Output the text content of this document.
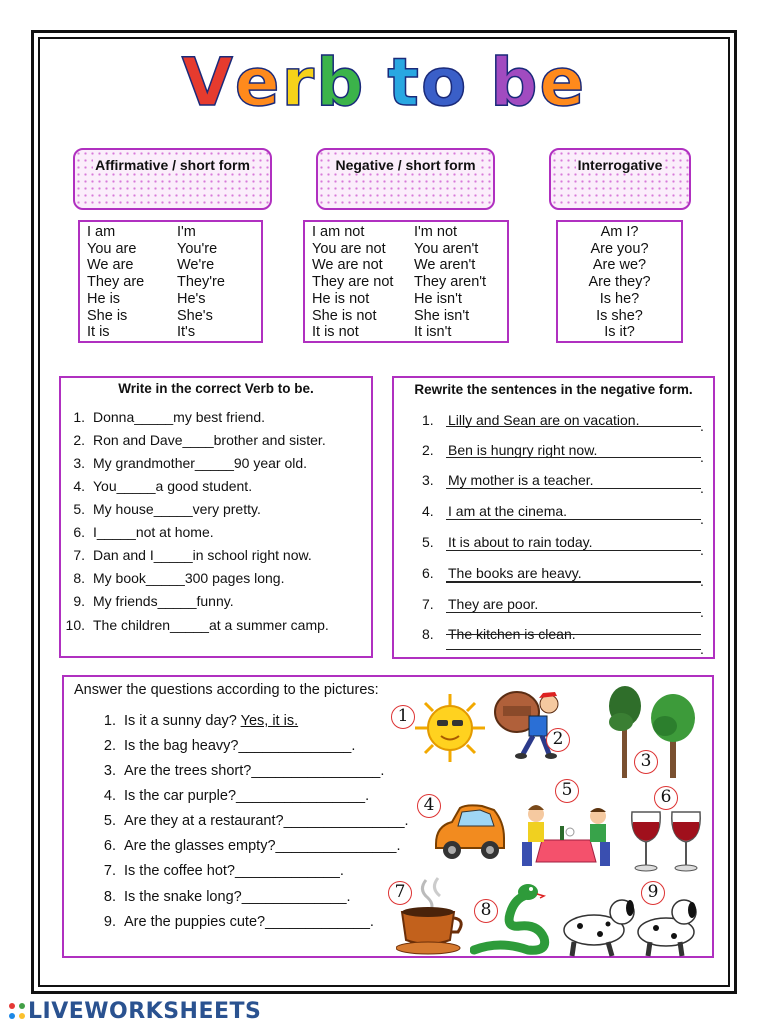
Verb to be
Affirmative / short form	Negative / short form	Interrogative
I am	I'm
You are	You're
We are	We're
They are	They're
He is	He's
She is	She's
It is	It's
I am not	I'm not
You are not	You aren't
We are not	We aren't
They are not	They aren't
He is not	He isn't
She is not	She isn't
It is not	It isn't
Am I?
Are you?
Are we?
Are they?
Is he?
Is she?
Is it?
Write in the correct Verb to be.
1. Donna_____my best friend.
2. Ron and Dave____brother and sister.
3. My grandmother_____90 year old.
4. You_____a good student.
5. My house_____very pretty.
6. I_____not at home.
7. Dan and I_____in school right now.
8. My book_____300 pages long.
9. My friends_____funny.
10. The children_____at a summer camp.
Rewrite the sentences in the negative form.
1. Lilly and Sean are on vacation.	.
2. Ben is hungry right now.	.
3. My mother is a teacher.	.
4. I am at the cinema.	.
5. It is about to rain today.	.
6. The books are heavy.	.
7. They are poor.	.
8. The kitchen is clean.
.
Answer the questions according to the pictures:
1. Is it a sunny day? Yes, it is.
2. Is the bag heavy?______________.
3. Are the trees short?________________.
4. Is the car purple?________________.
5. Are they at a restaurant?_______________.
6. Are the glasses empty?_______________.
7. Is the coffee hot?_____________.
8. Is the snake long?_____________.
9. Are the puppies cute?_____________.
1
2
3
4
5	6
7
8
9
LIVEWORKSHEETS
